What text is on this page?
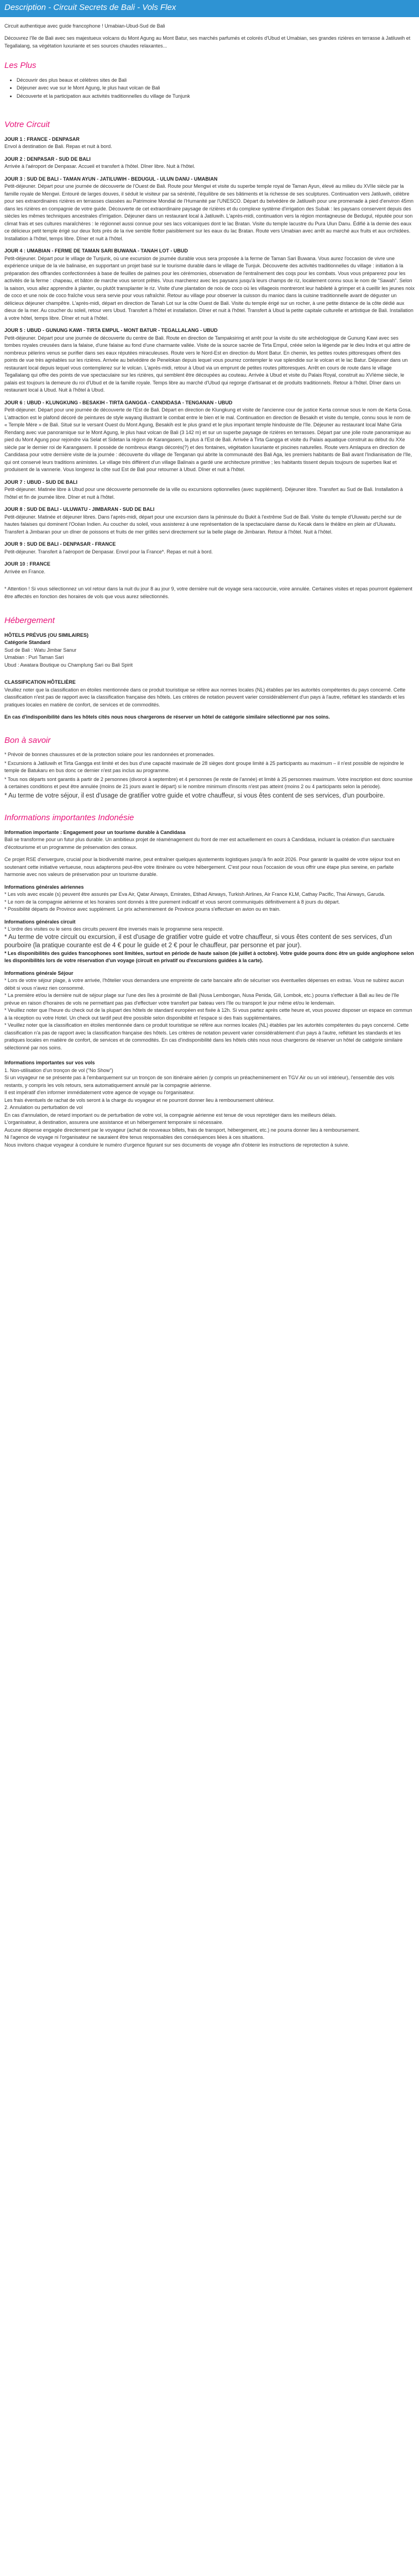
Description - Circuit Secrets de Bali - Vols Flex

Circuit authentique avec guide francophone ! Umabian-Ubud-Sud de Bali

Découvrez l'île de Bali avec ses majestueux volcans du Mont Agung au Mont Batur, ses marchés parfumés et colorés d'Ubud et Umabian, ses grandes rizières en terrasse à Jatiluwih et Tegallalang, sa végétation luxuriante et ses sources chaudes relaxantes...

Les Plus
• Découvrir des plus beaux et célèbres sites de Bali
• Déjeuner avec vue sur le Mont Agung, le plus haut volcan de Bali
• Découverte et la participation aux activités traditionnelles du village de Tunjunk
Votre Circuit
JOUR 1 : FRANCE - DENPASAR
Envol à destination de Bali. Repas et nuit à bord.
JOUR 2 : DENPASAR - SUD DE BALI
Arrivée à l'aéroport de Denpasar. Accueil et transfert à l'hôtel. Dîner libre. Nuit à l'hôtel.
JOUR 3 : SUD DE BALI - TAMAN AYUN - JATILUWIH - BEDUGUL - ULUN DANU - UMABIAN
Petit-déjeuner. Départ pour une journée de découverte de l'Ouest de Bali. Route pour Mengwi et visite du superbe temple royal de Taman Ayun, élevé au milieu du XVIIe siècle par la famille royale de Mengwi. Entouré de larges douves, il séduit le visiteur par sa sérénité, l'équilibre de ses bâtiments et la richesse de ses sculptures. Continuation vers Jatiluwih, célèbre pour ses extraordinaires rizières en terrasses classées au Patrimoine Mondial de l'Humanité par l'UNESCO. Départ du belvédère de Jatiluwih pour une promenade à pied d'environ 45mn dans les rizières en compagnie de votre guide. Découverte de cet extraordinaire paysage de rizières et du complexe système d'irrigation des Subak : les paysans conservent depuis des siècles les mêmes techniques ancestrales d'irrigation. Déjeuner dans un restaurant local à Jatiluwih. L'après-midi, continuation vers la région montagneuse de Bedugul, réputée pour son climat frais et ses cultures maraîchères : le régionnel aussi connue pour ses lacs volcaniques dont le lac Bratan. Visite du temple lacustre du Pura Ulun Danu. Édifié à la demie des eaux ce délicieux petit temple érigé sur deux îlots près de la rive semble flotter paisiblement sur les eaux du lac Bratan. Route vers Umabian avec arrêt au marché aux fruits et aux orchidées. Installation à l'hôtel, temps libre. Dîner et nuit à l'hôtel.
JOUR 4 : UMABIAN - FERME DE TAMAN SARI BUWANA - TANAH LOT - UBUD
Petit-déjeuner. Départ pour le village de Tunjunk, où une excursion de journée durable vous sera proposée à la ferme de Taman Sari Buwana. Vous aurez l'occasion de vivre une expérience unique de la vie balinaise, en supportant un projet basé sur le tourisme durable dans le village de Tunjuk. Découverte des activités traditionnelles du village : initiation à la préparation des offrandes confectionnées à base de feuilles de palmes pour les cérémonies, observation de l'entraînement des coqs pour les combats. Vous vous préparerez pour les activités de la ferme : chapeau, et bâton de marche vous seront prêtés. Vous marcherez avec les paysans jusqu'à leurs champs de riz, localement connu sous le nom de "Sawah". Selon la saison, vous allez apprendre à planter, ou plutôt transplanter le riz. Visite d'une plantation de noix de coco où les villageois montreront leur habileté à grimper et à cueillir les jeunes noix de coco et une noix de coco fraîche vous sera servie pour vous rafraîchir. Retour au village pour observer la cuisson du manioc dans la cuisine traditionnelle avant de déguster un délicieux déjeuner champêtre. L'après-midi, départ en direction de Tanah Lot sur la côte Ouest de Bali. Visite du temple érigé sur un rocher, à une petite distance de la côte dédié aux dieux de la mer. Au coucher du soleil, retour vers Ubud. Transfert à l'hôtel et installation. Dîner et nuit à l'hôtel. Transfert à Ubud la petite capitale culturelle et artistique de Bali. Installation à votre hôtel, temps libre. Dîner et nuit à l'hôtel.
JOUR 5 : UBUD - GUNUNG KAWI - TIRTA EMPUL - MONT BATUR - TEGALLALANG - UBUD
Petit-déjeuner. Départ pour une journée de découverte du centre de Bali. Route en direction de Tampaksiring et arrêt pour la visite du site archéologique de Gunung Kawi avec ses tombes royales creusées dans la falaise, d'une falaise au fond d'une charmante vallée. Visite de la source sacrée de Tirta Empul, créée selon la légende par le dieu Indra et qui attire de nombreux pèlerins venus se purifier dans ses eaux réputées miraculeuses. Route vers le Nord-Est en direction du Mont Batur. En chemin, les petites routes pittoresques offrent des points de vue très agréables sur les rizières. Arrivée au belvédère de Penelokan depuis lequel vous pourrez contempler le vue splendide sur le volcan et le lac Batur. Déjeuner dans un restaurant local depuis lequel vous contemplerez sur le volcan. L'après-midi, retour à Ubud via un emprunt de petites routes pittoresques. Arrêt en cours de route dans le village Tegallalang qui offre des points de vue spectaculaire sur les rizières, qui semblent être découpées au couteau. Arrivée à Ubud et visite du Palais Royal, construit au XVIème siècle, le palais est toujours la demeure du roi d'Ubud et de la famille royale. Temps libre au marché d'Ubud qui regorge d'artisanat et de produits traditionnels. Retour à l'hôtel. Dîner dans un restaurant local à Ubud. Nuit à l'hôtel à Ubud.
JOUR 6 : UBUD - KLUNGKUNG - BESAKIH - TIRTA GANGGA - CANDIDASA - TENGANAN - UBUD
Petit-déjeuner. Départ pour une journée de découverte de l'Est de Bali. Départ en direction de Klungkung et visite de l'ancienne cour de justice Kerta connue sous le nom de Kerta Gosa. L'attraction est le plafond décoré de peintures de style wayang illustrant le combat entre le bien et le mal. Continuation en direction de Besakih et visite du temple, connu sous le nom de « Temple Mère » de Bali. Situé sur le versant Ouest du Mont Agung, Besakih est le plus grand et le plus important temple hindouiste de l'île. Déjeuner au restaurant local Mahe Giria Rendang avec vue panoramique sur le Mont Agung, le plus haut volcan de Bali (3 142 m) et sur un superbe paysage de rizières en terrasses. Départ par une jolie route panoramique au pied du Mont Agung pour rejoindre via Selat et Sidetan la région de Karangasem, la plus à l'Est de Bali. Arrivée à Tirta Gangga et visite du Palais aquatique construit au début du XXe siècle par le dernier roi de Karangasem. Il possède de nombreux étangs décorés(?) et des fontaines, végétation luxuriante et piscines naturelles. Route vers Amlapura en direction de Candidasa pour votre dernière visite de la journée : découverte du village de Tenganan qui abrite la communauté des Bali Aga, les premiers habitants de Bali avant l'Indianisation de l'île, qui ont conservé leurs traditions animistes. Le village très différent d'un village Balinais a gardé une architecture primitive ; les habitants tissent depuis toujours de superbes Ikat et produisent de la vannerie. Vous longerez la côte sud Est de Bali pour retourner à Ubud. Dîner et nuit à l'hôtel.
JOUR 7 : UBUD - SUD DE BALI
Petit-déjeuner. Matinée libre à Ubud pour une découverte personnelle de la ville ou excursions optionnelles (avec supplément). Déjeuner libre. Transfert au Sud de Bali. Installation à l'hôtel et fin de journée libre. Dîner et nuit à l'hôtel.
JOUR 8 : SUD DE BALI - ULUWATU - JIMBARAN - SUD DE BALI
Petit-déjeuner. Matinée et déjeuner libres. Dans l'après-midi, départ pour une excursion dans la péninsule du Bukit à l'extrême Sud de Bali. Visite du temple d'Uluwatu perché sur de hautes falaises qui dominent l'Océan Indien. Au coucher du soleil, vous assisterez à une représentation de la spectaculaire danse du Kecak dans le théâtre en plein air d'Uluwatu. Transfert à Jimbaran pour un dîner de poissons et fruits de mer grillés servi directement sur la belle plage de Jimbaran. Retour à l'hôtel. Nuit à l'hôtel.
JOUR 9 : SUD DE BALI - DENPASAR - FRANCE
Petit-déjeuner. Transfert à l'aéroport de Denpasar. Envol pour la France*. Repas et nuit à bord.
JOUR 10 : FRANCE
Arrivée en France.

* Attention ! Si vous sélectionnez un vol retour dans la nuit du jour 8 au jour 9, votre dernière nuit de voyage sera raccourcie, voire annulée. Certaines visites et repas pourront également être affectés en fonction des horaires de vols que vous aurez sélectionnés.

Hébergement
HÔTELS PRÉVUS (OU SIMILAIRES)
Catégorie Standard
Sud de Bali : Watu Jimbar Sanur
Umabian : Puri Taman Sari
Ubud : Awatara Boutique ou Champlung Sari ou Bali Spirit
CLASSIFICATION HÔTELIÈRE

Veuillez noter que la classification en étoiles mentionnée dans ce produit touristique se réfère aux normes locales (NL) établies par les autorités compétentes du pays concerné. Cette classification n'est pas de rapport avec la classification française des hôtels. Les critères de notation peuvent varier considérablement d'un pays à l'autre, reflétant les standards et les pratiques locales en matière de confort, de services et de commodités.

En cas d'indisponibilité dans les hôtels cités nous nous chargerons de réserver un hôtel de catégorie similaire sélectionné par nos soins.

Bon à savoir

* Prévoir de bonnes chaussures et de la protection solaire pour les randonnées et promenades.

* Excursions à Jatiluwih et Tirta Gangga est limité et des bus d'une capacité maximale de 28 sièges dont groupe limité à 25 participants au maximum – il n'est possible de rejoindre le temple de Batukaru en bus donc ce dernier n'est pas inclus au programme.

* Tous nos départs sont garantis à partir de 2 personnes (divorcé à septembre) et 4 personnes (le reste de l'année) et limité à 25 personnes maximum. Votre inscription est donc soumise à certaines conditions et peut être annulée (moins de 21 jours avant le départ) si le nombre minimum d'inscrits n'est pas atteint (moins 2 ou 4 participants selon la période).

* Au terme de votre séjour, il est d'usage de gratifier votre guide et votre chauffeur, si vous êtes content de ses services, d'un pourboire.

Informations importantes Indonésie
Information importante : Engagement pour un tourisme durable à Candidasa

Bali se transforme pour un futur plus durable. Un ambitieux projet de réaménagement du front de mer est actuellement en cours à Candidasa, incluant la création d'un sanctuaire d'écotourisme et un programme de préservation des coraux.

Ce projet RSE d'envergure, crucial pour la biodiversité marine, peut entraîner quelques ajustements logistiques jusqu'à fin août 2026. Pour garantir la qualité de votre séjour tout en soutenant cette initiative vertueuse, nous adapterons peut-être votre itinéraire ou votre hébergement. C'est pour nous l'occasion de vous offrir une étape plus sereine, en parfaite harmonie avec nos valeurs de préservation pour un tourisme durable.

Informations générales aériennes

* Les vols avec escale (s) peuvent être assurés par Eva Air, Qatar Airways, Emirates, Etihad Airways, Turkish Airlines, Air France KLM, Cathay Pacific, Thai Airways, Garuda.
* Le nom de la compagnie aérienne et les horaires sont donnés à titre purement indicatif et vous seront communiqués définitivement à 8 jours du départ.
* Possibilité départs de Province avec supplément. Le prix acheminement de Province pourra s'effectuer en avion ou en train.

Informations générales circuit
* L'ordre des visites ou le sens des circuits peuvent être inversés mais le programme sera respecté.
* Au terme de votre circuit ou excursion, il est d'usage de gratifier votre guide et votre chauffeur, si vous êtes content de ses services, d'un pourboire (la pratique courante est de 4 € pour le guide et 2 € pour le chauffeur, par personne et par jour).

* Les disponibilités des guides francophones sont limitées, surtout en période de haute saison (de juillet à octobre). Votre guide pourra donc être un guide anglophone selon les disponibilités lors de votre réservation d'un voyage (circuit en privatif ou d'excursions guidées à la carte).

Informations générale Séjour

* Lors de votre séjour plage, à votre arrivée, l'hôtelier vous demandera une empreinte de carte bancaire afin de sécuriser vos éventuelles dépenses en extras. Vous ne subirez aucun débit si vous n'avez rien consommé.
* La première et/ou la dernière nuit de séjour plage sur l'une des îles à proximité de Bali (Nusa Lembongan, Nusa Penida, Gili, Lombok, etc.) pourra s'effectuer à Bali au lieu de l'île prévue en raison d'horaires de vols ne permettant pas pas d'effectuer votre transfert par bateau vers l'île ou transport le jour même et/ou le lendemain.
* Veuillez noter que l'heure du check out de la plupart des hôtels de standard européen est fixée à 12h. Si vous partez après cette heure et, vous pouvez disposer un espace en commun à la réception ou votre Hotel. Un check out tardif peut être possible selon disponibilité et l'espace si des frais supplémentaires.
* Veuillez noter que la classification en étoiles mentionnée dans ce produit touristique se réfère aux normes locales (NL) établies par les autorités compétentes du pays concerné. Cette classification n'a pas de rapport avec la classification française des hôtels. Les critères de notation peuvent varier considérablement d'un pays à l'autre, reflétant les standards et les pratiques locales en matière de confort, de services et de commodités. En cas d'indisponibilité dans les hôtels cités nous nous chargerons de réserver un hôtel de catégorie similaire sélectionné par nos soins.

Informations importantes sur vos vols

1. Non-utilisation d'un tronçon de vol ("No Show")
Si un voyageur ne se présente pas à l'embarquement sur un tronçon de son itinéraire aérien (y compris un préacheminement en TGV Air ou un vol intérieur), l'ensemble des vols restants, y compris les vols retours, sera automatiquement annulé par la compagnie aérienne.
Il est impératif d'en informer immédiatement votre agence de voyage ou l'organisateur.
Les frais éventuels de rachat de vols seront à la charge du voyageur et ne pourront donner lieu à remboursement ultérieur.
2. Annulation ou perturbation de vol
En cas d'annulation, de retard important ou de perturbation de votre vol, la compagnie aérienne est tenue de vous reprotéger dans les meilleurs délais.
L'organisateur, à destination, assurera une assistance et un hébergement temporaire si nécessaire.
Aucune dépense engagée directement par le voyageur (achat de nouveaux billets, frais de transport, hébergement, etc.) ne pourra donner lieu à remboursement.
Ni l'agence de voyage ni l'organisateur ne sauraient être tenus responsables des conséquences liées à ces situations.
Nous invitons chaque voyageur à conduire le numéro d'urgence figurant sur ses documents de voyage afin d'obtenir les instructions de reprotection à suivre.
